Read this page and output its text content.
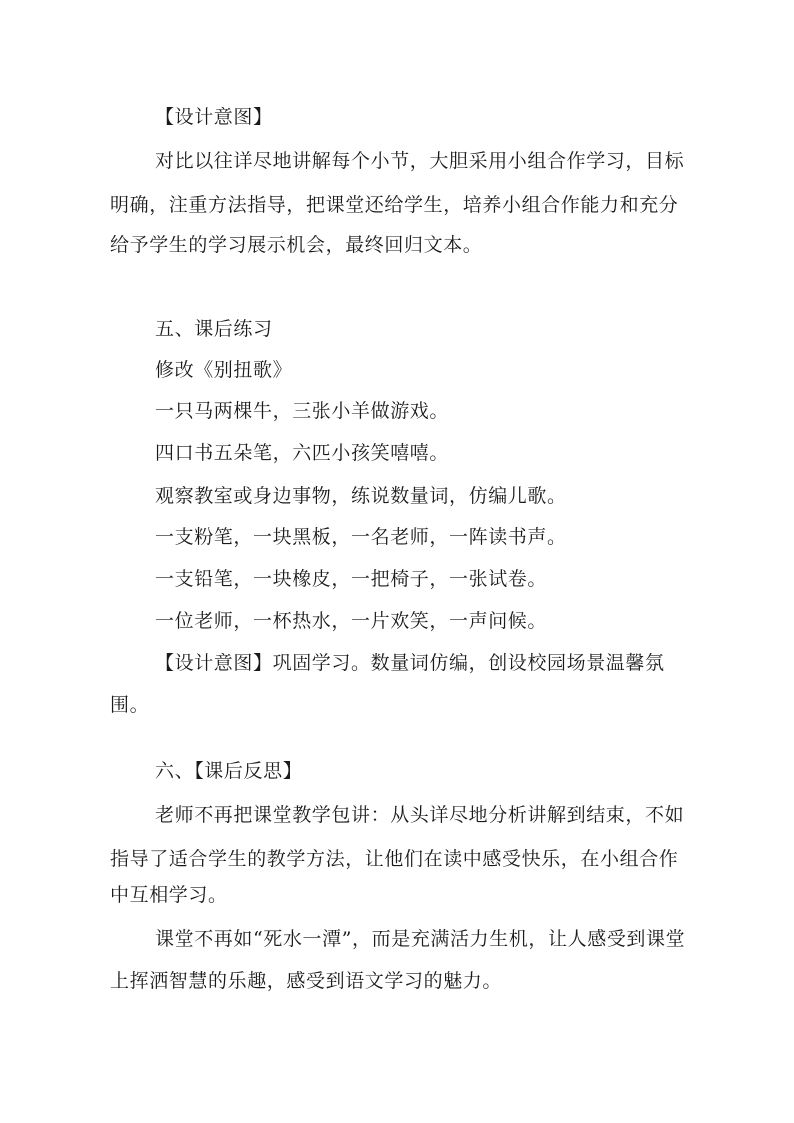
【设计意图】
对比以往详尽地讲解每个小节，大胆采用小组合作学习，目标
明确，注重方法指导，把课堂还给学生，培养小组合作能力和充分
给予学生的学习展示机会，最终回归文本。
五、课后练习
修改《别扭歌》
一只马两棵牛，三张小羊做游戏。
四口书五朵笔，六匹小孩笑嘻嘻。
观察教室或身边事物，练说数量词，仿编儿歌。
一支粉笔，一块黑板，一名老师，一阵读书声。
一支铅笔，一块橡皮，一把椅子，一张试卷。
一位老师，一杯热水，一片欢笑，一声问候。
【设计意图】巩固学习。数量词仿编，创设校园场景温馨氛
围。
六、【课后反思】
老师不再把课堂教学包讲：从头详尽地分析讲解到结束，不如
指导了适合学生的教学方法，让他们在读中感受快乐，在小组合作
中互相学习。
课堂不再如“死水一潭”，而是充满活力生机，让人感受到课堂
上挥洒智慧的乐趣，感受到语文学习的魅力。
